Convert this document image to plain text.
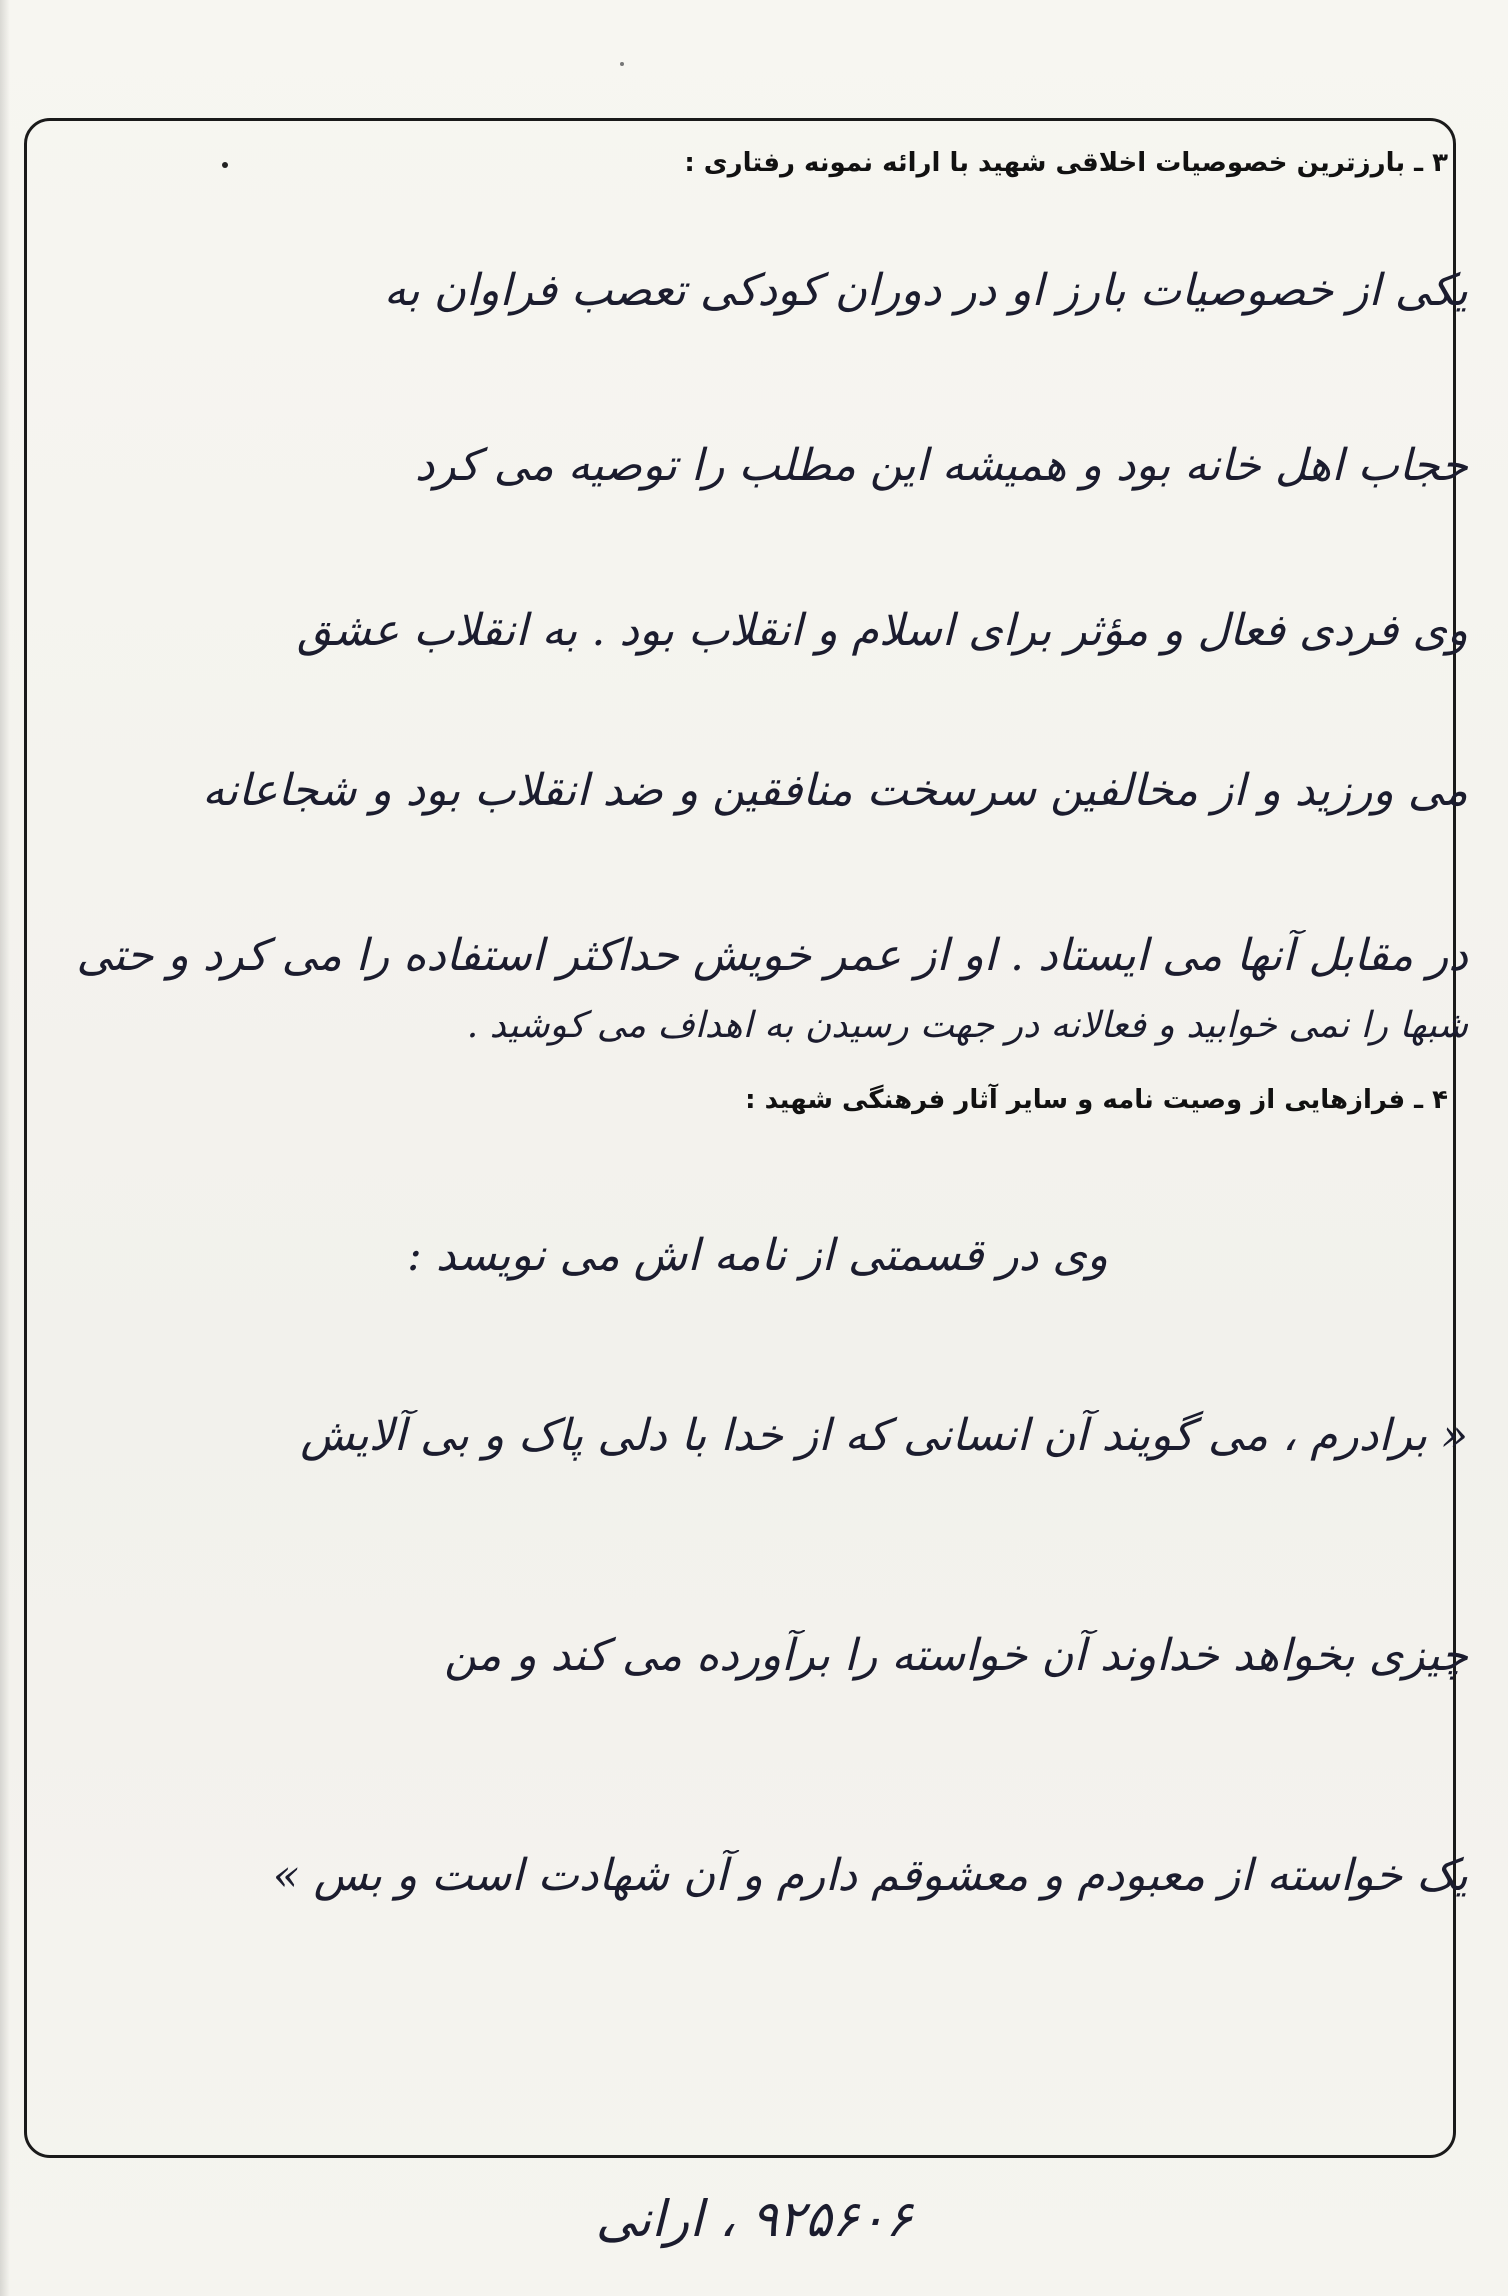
۳ ـ بارزترین خصوصیات اخلاقی شهید با ارائه نمونه رفتاری :
یکی از خصوصیات بارز او در دوران کودکی تعصب فراوان به
حجاب اهل خانه بود و همیشه این مطلب را توصیه می کرد
وی فردی فعال و مؤثر برای اسلام و انقلاب بود . به انقلاب عشق
می ورزید و از مخالفین سرسخت منافقین و ضد انقلاب بود و شجاعانه
در مقابل آنها می ایستاد . او از عمر خویش حداکثر استفاده را می کرد و حتی
شبها را نمی خوابید و فعالانه در جهت رسیدن به اهداف می کوشید .
۴ ـ فرازهایی از وصیت نامه و سایر آثار فرهنگی شهید :
وی در قسمتی از نامه اش می نویسد :
« برادرم ، می گویند آن انسانی که از خدا با دلی پاک و بی آلایش
چیزی بخواهد خداوند آن خواسته را برآورده می کند و من
یک خواسته از معبودم و معشوقم دارم و آن شهادت است و بس »
۹۲۵۶۰۶ ، ارانی
